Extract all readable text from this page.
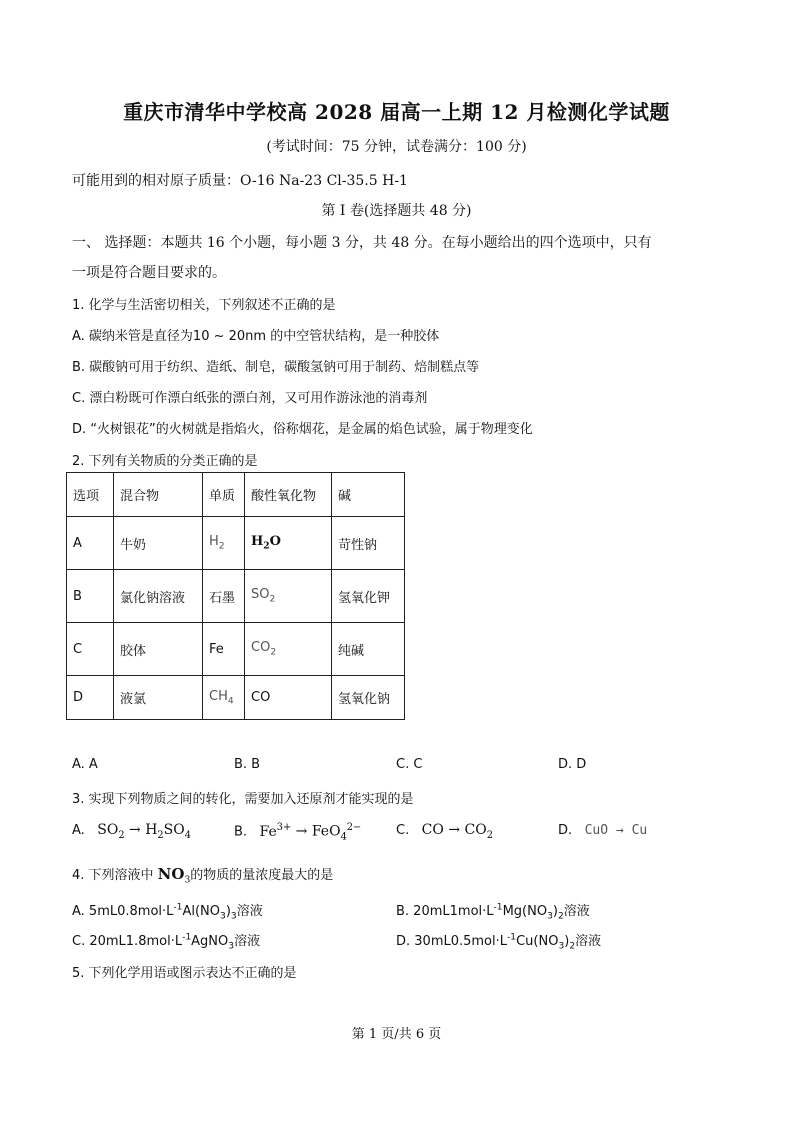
重庆市清华中学校高 2028 届高一上期 12 月检测化学试题
(考试时间：75 分钟，试卷满分：100 分)
可能用到的相对原子质量：O-16 Na-23 Cl-35.5 H-1
第 I 卷(选择题共 48 分)
一、 选择题：本题共 16 个小题，每小题 3 分，共 48 分。在每小题给出的四个选项中，只有
一项是符合题目要求的。
1. 化学与生活密切相关，下列叙述不正确的是
A. 碳纳米管是直径为10 ~ 20nm 的中空管状结构，是一种胶体
B. 碳酸钠可用于纺织、造纸、制皂，碳酸氢钠可用于制药、焙制糕点等
C. 漂白粉既可作漂白纸张的漂白剂，又可用作游泳池的消毒剂
D. “火树银花”的火树就是指焰火，俗称烟花，是金属的焰色试验，属于物理变化
2. 下列有关物质的分类正确的是
选项	混合物	单质	酸性氧化物	碱
A	牛奶	$H_2$	$H_2O$	苛性钠
B	氯化钠溶液	石墨	$SO_2$	氢氧化钾
C	胶体	Fe	$CO_2$	纯碱
D	液氯	$CH_4$	CO	氢氧化钠
A. A	B. B	C. C	D. D
3. 实现下列物质之间的转化，需要加入还原剂才能实现的是
A. $SO_2 \to H_2SO_4$	B. $Fe^{3+} \to FeO_4^{2-}$	C. CO → $CO_2$	D. CuO → Cu
4. 下列溶液中 $NO_3$的物质的量浓度最大的是
A. $5mL0.8mol\cdot L^{-1}Al(NO_3)_3$溶液	B. $20mL1mol\cdot L^{-1}Mg(NO_3)_2$溶液
C. $20mL1.8mol\cdot L^{-1}AgNO_3$溶液	D. $30mL0.5mol\cdot L^{-1}Cu(NO_3)_2$溶液
5. 下列化学用语或图示表达不正确的是
第 1 页/共 6 页
